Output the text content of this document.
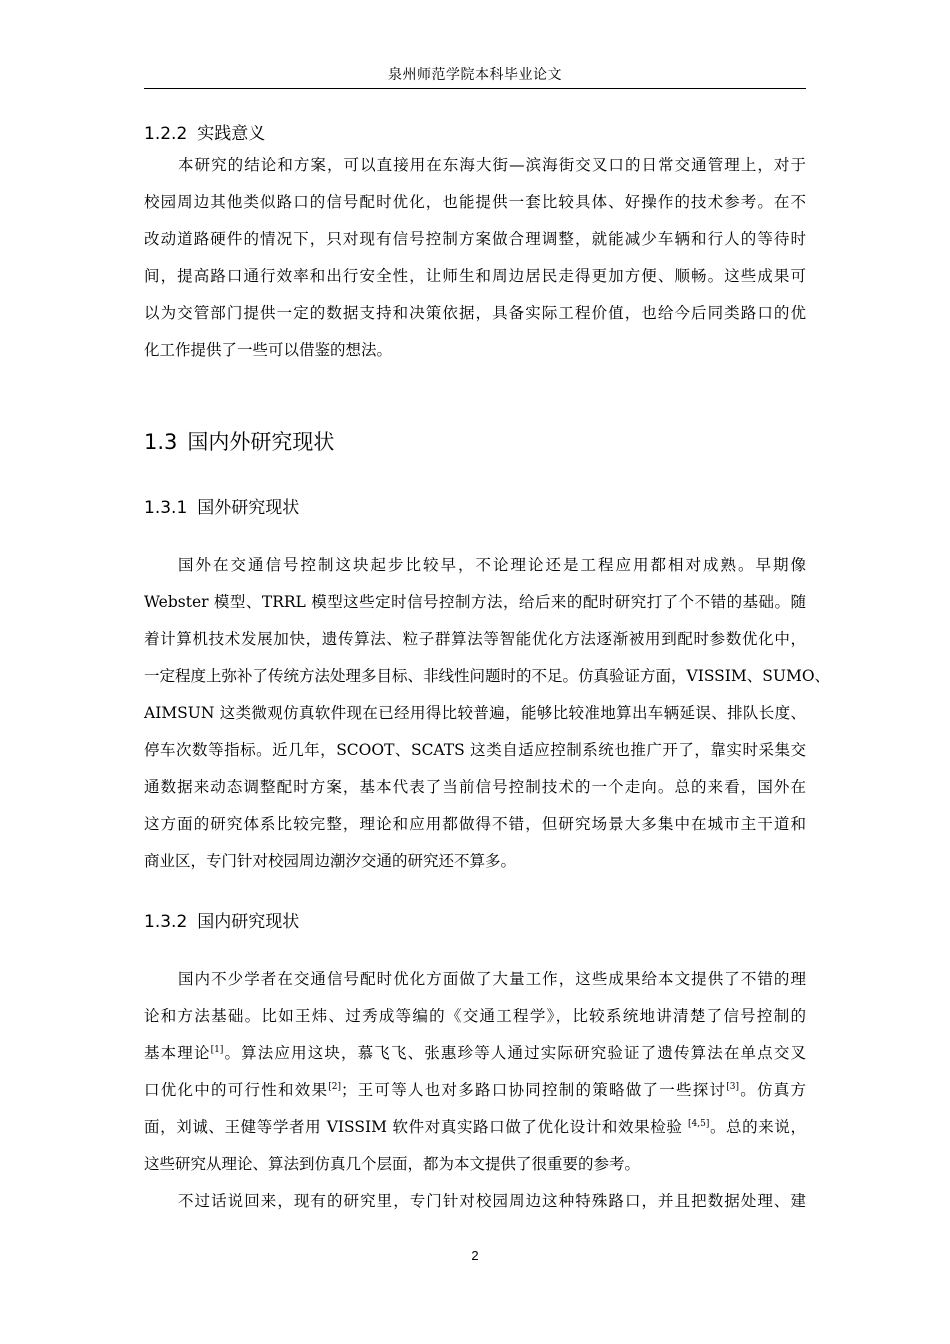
泉州师范学院本科毕业论文
1.2.2 实践意义
本研究的结论和方案，可以直接用在东海大街—滨海街交叉口的日常交通管理上，对于
校园周边其他类似路口的信号配时优化，也能提供一套比较具体、好操作的技术参考。在不
改动道路硬件的情况下，只对现有信号控制方案做合理调整，就能减少车辆和行人的等待时
间，提高路口通行效率和出行安全性，让师生和周边居民走得更加方便、顺畅。这些成果可
以为交管部门提供一定的数据支持和决策依据，具备实际工程价值，也给今后同类路口的优
化工作提供了一些可以借鉴的想法。
1.3 国内外研究现状
1.3.1 国外研究现状
国外在交通信号控制这块起步比较早，不论理论还是工程应用都相对成熟。早期像
Webster 模型、TRRL 模型这些定时信号控制方法，给后来的配时研究打了个不错的基础。随
着计算机技术发展加快，遗传算法、粒子群算法等智能优化方法逐渐被用到配时参数优化中，
一定程度上弥补了传统方法处理多目标、非线性问题时的不足。仿真验证方面，VISSIM、SUMO、
AIMSUN 这类微观仿真软件现在已经用得比较普遍，能够比较准地算出车辆延误、排队长度、
停车次数等指标。近几年，SCOOT、SCATS 这类自适应控制系统也推广开了，靠实时采集交
通数据来动态调整配时方案，基本代表了当前信号控制技术的一个走向。总的来看，国外在
这方面的研究体系比较完整，理论和应用都做得不错，但研究场景大多集中在城市主干道和
商业区，专门针对校园周边潮汐交通的研究还不算多。
1.3.2 国内研究现状
国内不少学者在交通信号配时优化方面做了大量工作，这些成果给本文提供了不错的理
论和方法基础。比如王炜、过秀成等编的《交通工程学》，比较系统地讲清楚了信号控制的
基本理论[1]。算法应用这块，慕飞飞、张惠珍等人通过实际研究验证了遗传算法在单点交叉
口优化中的可行性和效果[2]；王可等人也对多路口协同控制的策略做了一些探讨[3]。仿真方
面，刘诚、王健等学者用 VISSIM 软件对真实路口做了优化设计和效果检验 [4,5]。总的来说，
这些研究从理论、算法到仿真几个层面，都为本文提供了很重要的参考。
不过话说回来，现有的研究里，专门针对校园周边这种特殊路口，并且把数据处理、建
2
